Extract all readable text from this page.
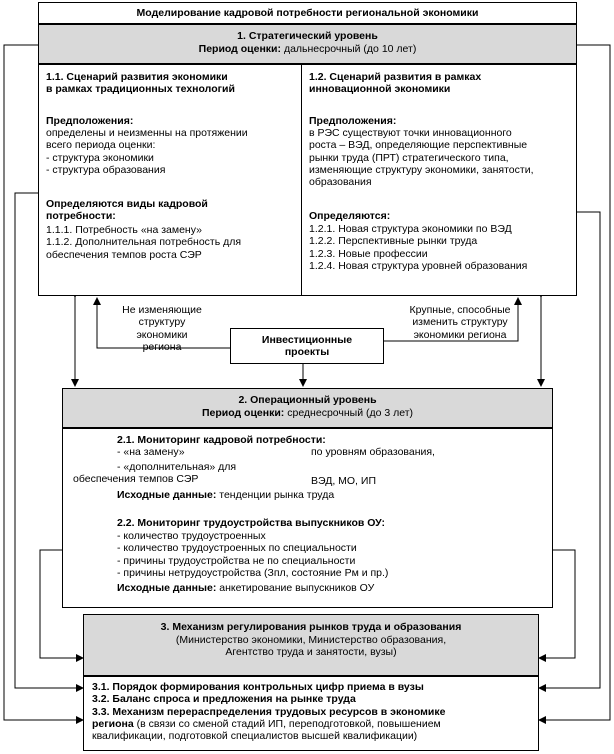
Моделирование кадровой потребности региональной экономики
1. Стратегический уровень
Период оценки: дальнесрочный (до 10 лет)
1.1. Сценарий развития экономики
в рамках традиционных технологий
Предположения:
определены и неизменны на протяжении
всего периода оценки:
- структура экономики
- структура образования
Определяются виды кадровой
потребности:
1.1.1. Потребность «на замену»
1.1.2. Дополнительная потребность для
обеспечения темпов роста СЭР
1.2. Сценарий развития в рамках
инновационной экономики
Предположения:
в РЭС существуют точки инновационного
роста – ВЭД, определяющие перспективные
рынки труда (ПРТ) стратегического типа,
изменяющие структуру экономики, занятости,
образования
Определяются:
1.2.1. Новая структура экономики по ВЭД
1.2.2. Перспективные рынки труда
1.2.3. Новые профессии
1.2.4. Новая структура уровней образования
Не изменяющие
структуру
экономики
региона
Крупные, способные
изменить структуру
экономики региона
Инвестиционные
проекты
2. Операционный уровень
Период оценки: среднесрочный (до 3 лет)
2.1. Мониторинг кадровой потребности:
- «на замену»	по уровням образования,
- «дополнительная» для
обеспечения темпов СЭР	ВЭД, МО, ИП
Исходные данные: тенденции рынка труда
2.2. Мониторинг трудоустройства выпускников ОУ:
- количество трудоустроенных
- количество трудоустроенных по специальности
- причины трудоустройства не по специальности
- причины нетрудоустройства (Зпл, состояние Рм и пр.)
Исходные данные: анкетирование выпускников ОУ
3. Механизм регулирования рынков труда и образования
(Министерство экономики, Министерство образования,
Агентство труда и занятости, вузы)
3.1. Порядок формирования контрольных цифр приема в вузы
3.2. Баланс спроса и предложения на рынке труда
3.3. Механизм перераспределения трудовых ресурсов в экономике
региона (в связи со сменой стадий ИП, переподготовкой, повышением
квалификации, подготовкой специалистов высшей квалификации)
